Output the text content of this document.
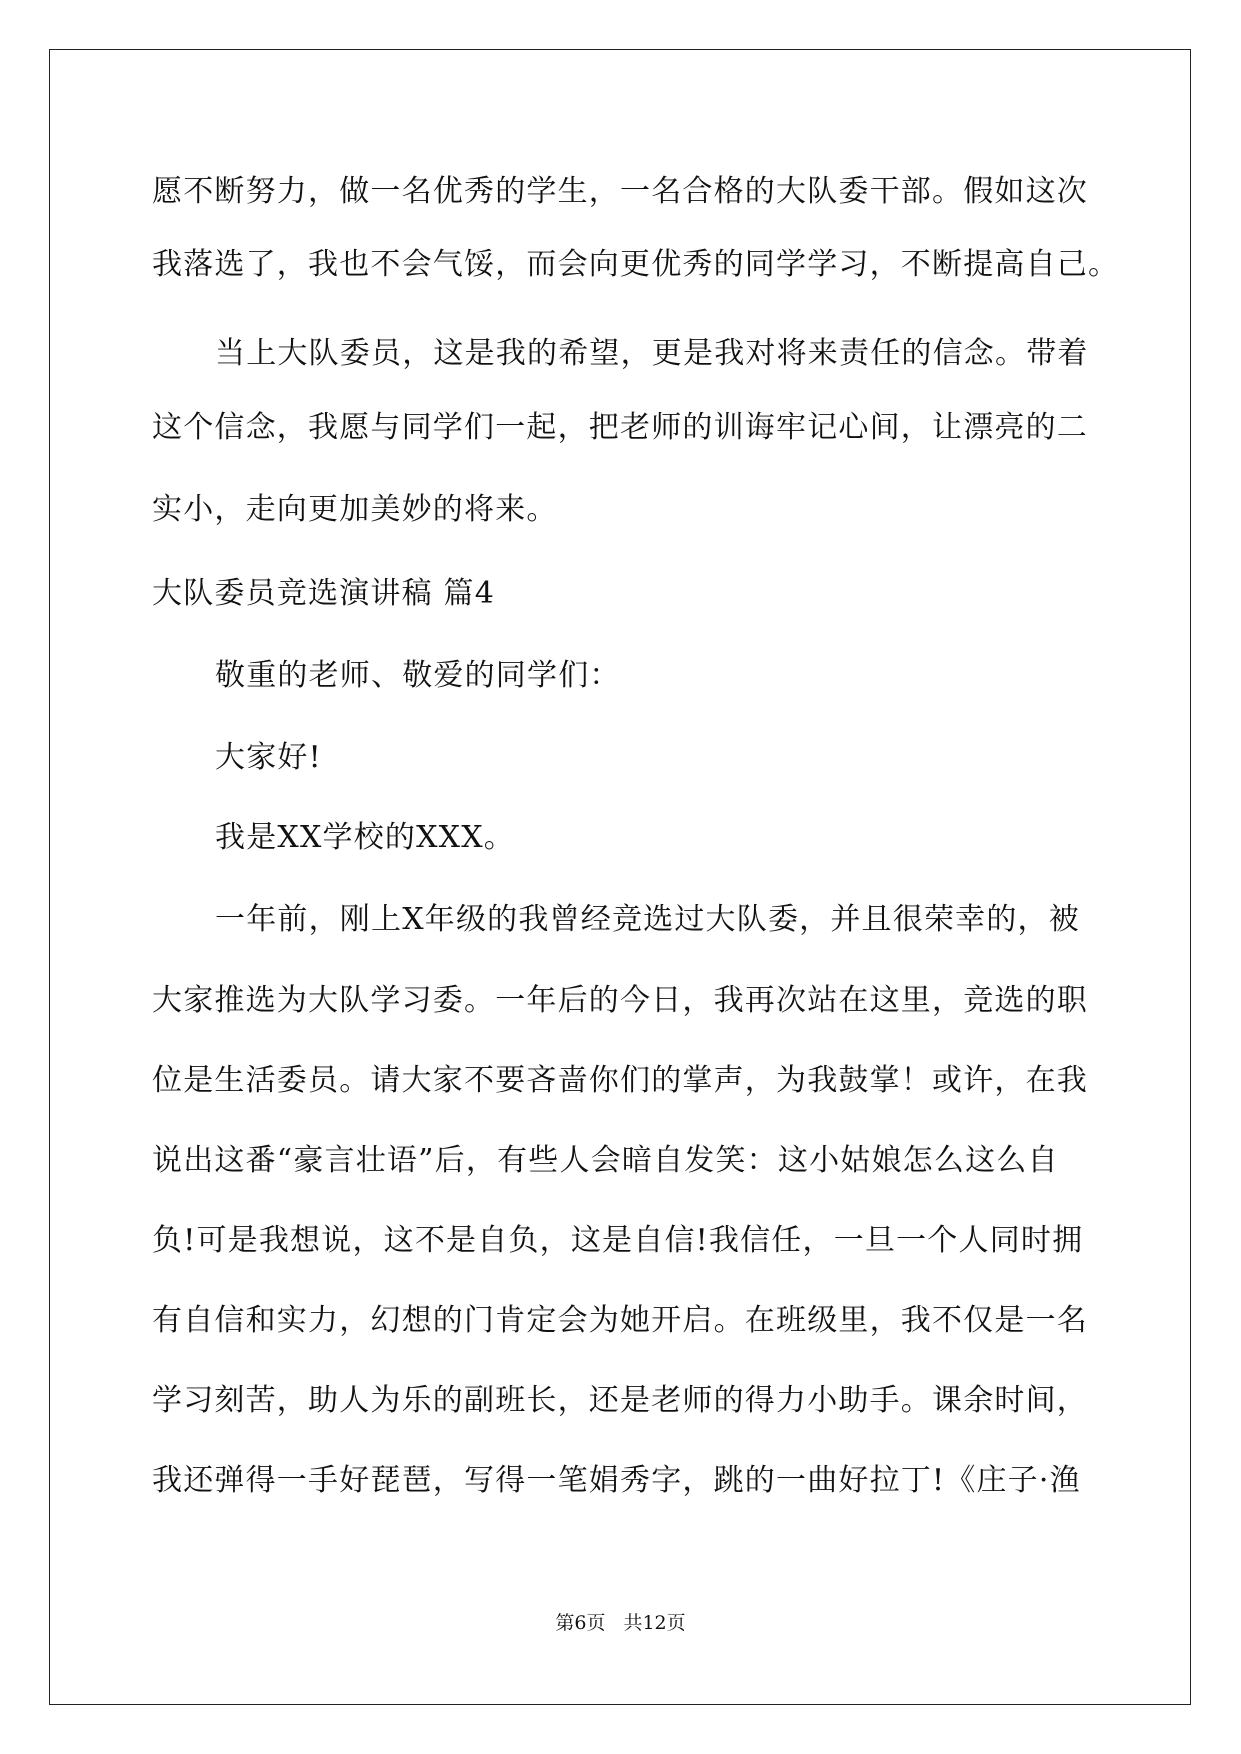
愿不断努力，做一名优秀的学生，一名合格的大队委干部。假如这次
我落选了，我也不会气馁，而会向更优秀的同学学习，不断提高自己。
当上大队委员，这是我的希望，更是我对将来责任的信念。带着
这个信念，我愿与同学们一起，把老师的训诲牢记心间，让漂亮的二
实小，走向更加美妙的将来。
大队委员竞选演讲稿 篇4
敬重的老师、敬爱的同学们：
大家好!
我是XX学校的XXX。
一年前，刚上X年级的我曾经竞选过大队委，并且很荣幸的，被
大家推选为大队学习委。一年后的今日，我再次站在这里，竞选的职
位是生活委员。请大家不要吝啬你们的掌声，为我鼓掌！或许，在我
说出这番“豪言壮语”后，有些人会暗自发笑：这小姑娘怎么这么自
负!可是我想说，这不是自负，这是自信!我信任，一旦一个人同时拥
有自信和实力，幻想的门肯定会为她开启。在班级里，我不仅是一名
学习刻苦，助人为乐的副班长，还是老师的得力小助手。课余时间，
我还弹得一手好琵琶，写得一笔娟秀字，跳的一曲好拉丁!《庄子·渔
第6页 共12页
